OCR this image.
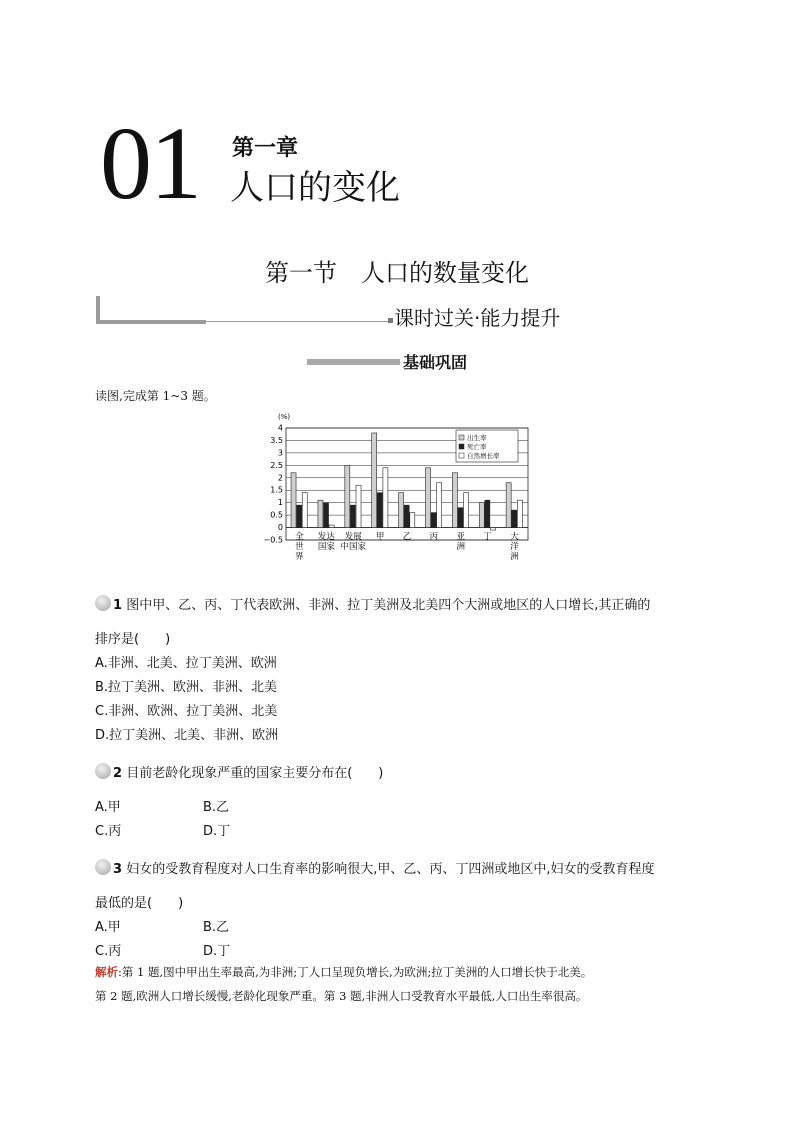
01 第一章
人口的变化
第一节　人口的数量变化
课时过关·能力提升
基础巩固
读图,完成第 1~3 题。
(%)
4
3.5
3
2.5
2
1.5
1
0.5
0
−0.5 全
世
界
发达
国家
发展
中国家
甲 乙 丙 亚
洲
丁 大
洋
洲
出生率
死亡率
自然增长率
1 图中甲、乙、丙、丁代表欧洲、非洲、拉丁美洲及北美四个大洲或地区的人口增长,其正确的
排序是(　　)
A.非洲、北美、拉丁美洲、欧洲
B.拉丁美洲、欧洲、非洲、北美
C.非洲、欧洲、拉丁美洲、北美
D.拉丁美洲、北美、非洲、欧洲
2 目前老龄化现象严重的国家主要分布在(　　)
A.甲	B.乙
C.丙	D.丁
3 妇女的受教育程度对人口生育率的影响很大,甲、乙、丙、丁四洲或地区中,妇女的受教育程度
最低的是(　　)
A.甲	B.乙
C.丙	D.丁
解析:第 1 题,图中甲出生率最高,为非洲;丁人口呈现负增长,为欧洲;拉丁美洲的人口增长快于北美。
第 2 题,欧洲人口增长缓慢,老龄化现象严重。第 3 题,非洲人口受教育水平最低,人口出生率很高。
